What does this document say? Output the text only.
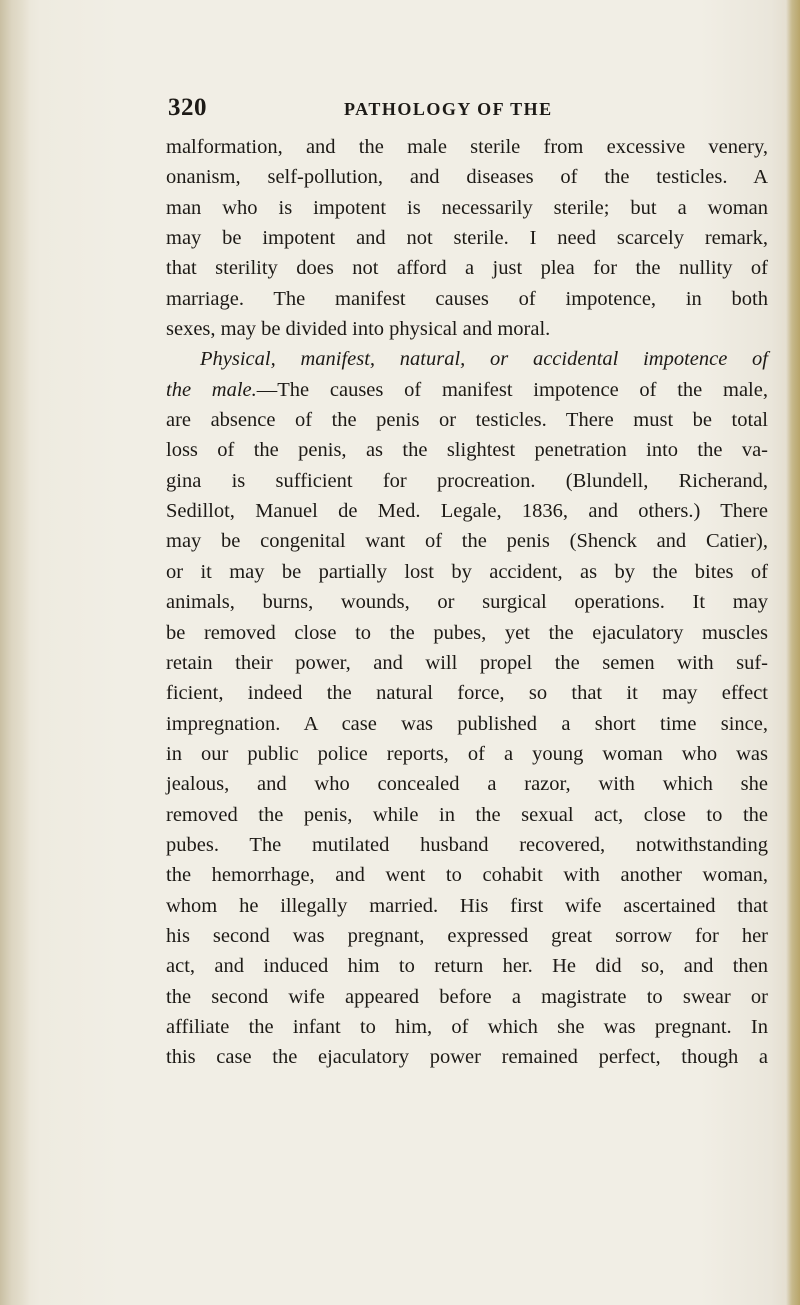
320	PATHOLOGY OF THE
malformation, and the male sterile from excessive venery,
onanism, self-pollution, and diseases of the testicles. A
man who is impotent is necessarily sterile; but a woman
may be impotent and not sterile. I need scarcely remark,
that sterility does not afford a just plea for the nullity of
marriage. The manifest causes of impotence, in both
sexes, may be divided into physical and moral.
Physical, manifest, natural, or accidental impotence of
the male.—The causes of manifest impotence of the male,
are absence of the penis or testicles. There must be total
loss of the penis, as the slightest penetration into the va-
gina is sufficient for procreation. (Blundell, Richerand,
Sedillot, Manuel de Med. Legale, 1836, and others.) There
may be congenital want of the penis (Shenck and Catier),
or it may be partially lost by accident, as by the bites of
animals, burns, wounds, or surgical operations. It may
be removed close to the pubes, yet the ejaculatory muscles
retain their power, and will propel the semen with suf-
ficient, indeed the natural force, so that it may effect
impregnation. A case was published a short time since,
in our public police reports, of a young woman who was
jealous, and who concealed a razor, with which she
removed the penis, while in the sexual act, close to the
pubes. The mutilated husband recovered, notwithstanding
the hemorrhage, and went to cohabit with another woman,
whom he illegally married. His first wife ascertained that
his second was pregnant, expressed great sorrow for her
act, and induced him to return her. He did so, and then
the second wife appeared before a magistrate to swear or
affiliate the infant to him, of which she was pregnant. In
this case the ejaculatory power remained perfect, though a
